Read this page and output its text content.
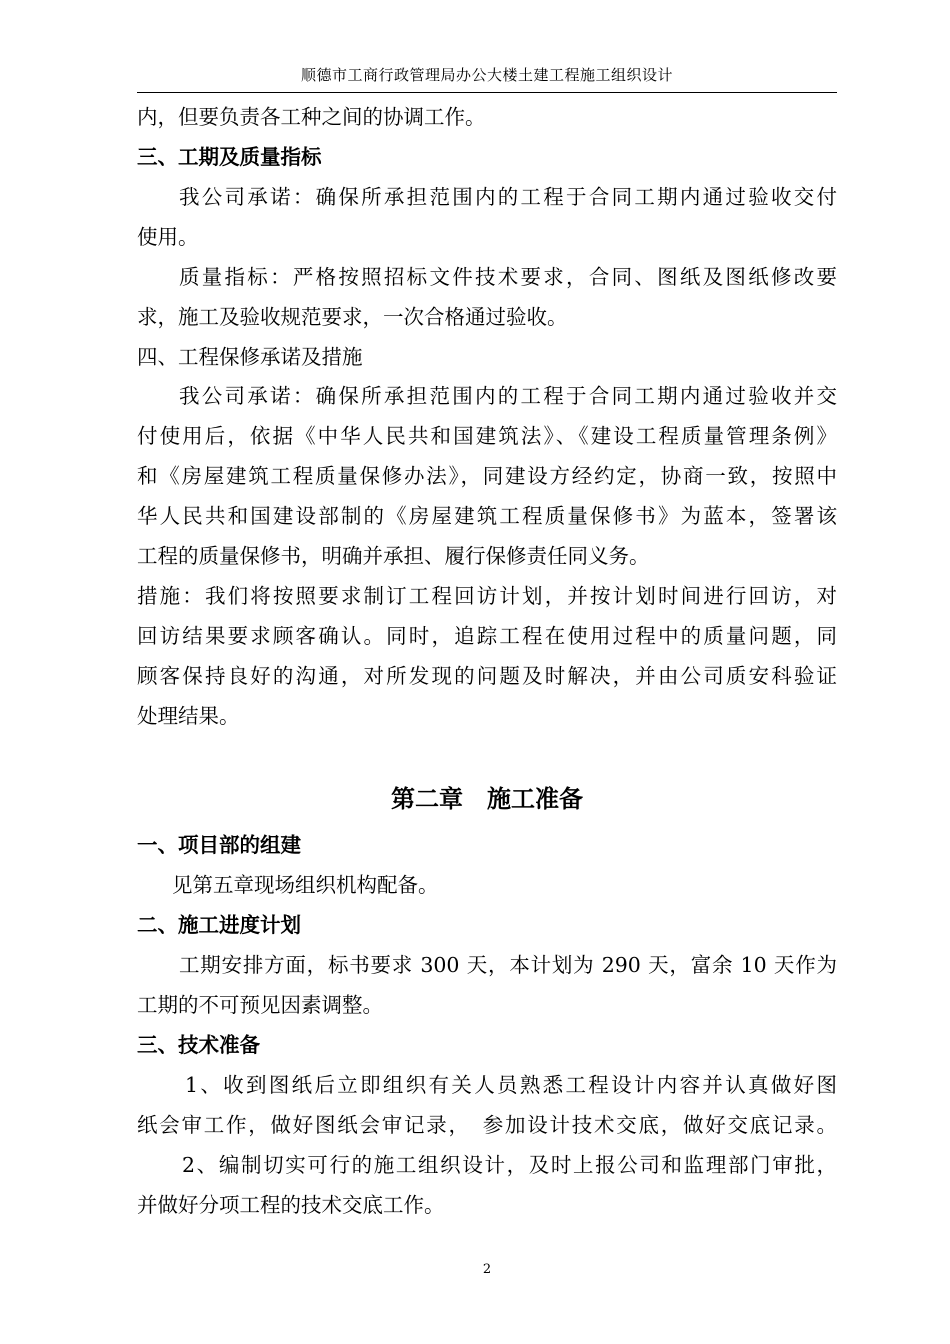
顺德市工商行政管理局办公大楼土建工程施工组织设计
内，但要负责各工种之间的协调工作。
三、工期及质量指标
我公司承诺：确保所承担范围内的工程于合同工期内通过验收交付
使用。
质量指标：严格按照招标文件技术要求，合同、图纸及图纸修改要
求，施工及验收规范要求，一次合格通过验收。
四、工程保修承诺及措施
我公司承诺：确保所承担范围内的工程于合同工期内通过验收并交
付使用后，依据《中华人民共和国建筑法》、《建设工程质量管理条例》
和《房屋建筑工程质量保修办法》，同建设方经约定，协商一致，按照中
华人民共和国建设部制的《房屋建筑工程质量保修书》为蓝本，签署该
工程的质量保修书，明确并承担、履行保修责任同义务。
措施：我们将按照要求制订工程回访计划，并按计划时间进行回访，对
回访结果要求顾客确认。同时，追踪工程在使用过程中的质量问题，同
顾客保持良好的沟通，对所发现的问题及时解决，并由公司质安科验证
处理结果。
第二章　施工准备
一、项目部的组建
见第五章现场组织机构配备。
二、施工进度计划
工期安排方面，标书要求 300 天，本计划为 290 天，富余 10 天作为
工期的不可预见因素调整。
三、技术准备
1、收到图纸后立即组织有关人员熟悉工程设计内容并认真做好图
纸会审工作，做好图纸会审记录，　参加设计技术交底，做好交底记录。
2、编制切实可行的施工组织设计，及时上报公司和监理部门审批，
并做好分项工程的技术交底工作。
2
